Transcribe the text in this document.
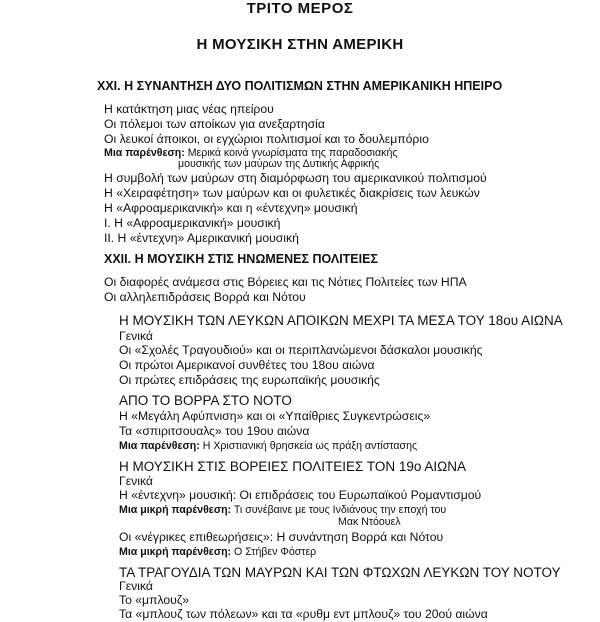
ΤΡΙΤΟ ΜΕΡΟΣ
Η ΜΟΥΣΙΚΗ ΣΤΗΝ ΑΜΕΡΙΚΗ
XXI. Η ΣΥΝΑΝΤΗΣΗ ΔΥΟ ΠΟΛΙΤΙΣΜΩΝ ΣΤΗΝ ΑΜΕΡΙΚΑΝΙΚΗ ΗΠΕΙΡΟ
Η κατάκτηση μιας νέας ηπείρου
Οι πόλεμοι των αποίκων για ανεξαρτησία
Οι λευκοί άποικοι, οι εγχώριοι πολιτισμοί και το δουλεμπόριο
Μια παρένθεση: Μερικά κοινά γνωρίσματα της παραδοσιακής
μουσικής των μαύρων της Δυτικής Αφρικής
Η συμβολή των μαύρων στη διαμόρφωση του αμερικανικού πολιτισμού
Η «Χειραφέτηση» των μαύρων και οι φυλετικές διακρίσεις των λευκών
Η «Αφροαμερικανική» και η «έντεχνη» μουσική
Ι. Η «Αφροαμερικανική» μουσική
ΙΙ. Η «έντεχνη» Αμερικανική μουσική
XXII. Η ΜΟΥΣΙΚΗ ΣΤΙΣ ΗΝΩΜΕΝΕΣ ΠΟΛΙΤΕΙΕΣ
Οι διαφορές ανάμεσα στις Βόρειες και τις Νότιες Πολιτείες των ΗΠΑ
Οι αλληλεπιδράσεις Βορρά και Νότου
Η ΜΟΥΣΙΚΗ ΤΩΝ ΛΕΥΚΩΝ ΑΠΟΙΚΩΝ ΜΕΧΡΙ ΤΑ ΜΕΣΑ ΤΟΥ 18ου ΑΙΩΝΑ
Γενικά
Οι «Σχολές Τραγουδιού» και οι περιπλανώμενοι δάσκαλοι μουσικής
Οι πρώτοι Αμερικανοί συνθέτες του 18ου αιώνα
Οι πρώτες επιδράσεις της ευρωπαϊκής μουσικής
ΑΠΟ ΤΟ ΒΟΡΡΑ ΣΤΟ ΝΟΤΟ
Η «Μεγάλη Αφύπνιση» και οι «Υπαίθριες Συγκεντρώσεις»
Τα «σπιριτσουαλς» του 19ου αιώνα
Μια παρένθεση: Η Χριστιανική θρησκεία ως πράξη αντίστασης
Η ΜΟΥΣΙΚΗ ΣΤΙΣ ΒΟΡΕΙΕΣ ΠΟΛΙΤΕΙΕΣ ΤΟΝ 19ο ΑΙΩΝΑ
Γενικά
Η «έντεχνη» μουσική: Οι επιδράσεις του Ευρωπαϊκού Ρομαντισμού
Μια μικρή παρένθεση: Τι συνέβαινε με τους Ινδιάνους την εποχή του
Μακ Ντόουελ
Οι «νέγρικες επιθεωρήσεις»: Η συνάντηση Βορρά και Νότου
Μια μικρή παρένθεση: Ο Στήβεν Φόστερ
ΤΑ ΤΡΑΓΟΥΔΙΑ ΤΩΝ ΜΑΥΡΩΝ ΚΑΙ ΤΩΝ ΦΤΩΧΩΝ ΛΕΥΚΩΝ ΤΟΥ ΝΟΤΟΥ
Γενικά
Το «μπλουζ»
Τα «μπλουζ των πόλεων» και τα «ρυθμ εντ μπλουζ» του 20ού αιώνα
